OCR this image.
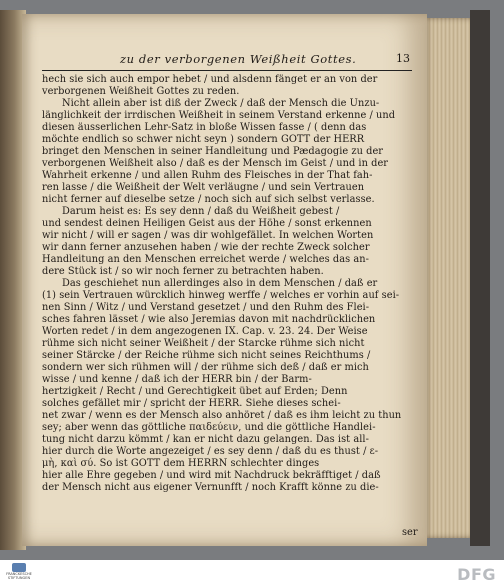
zu der verborgenen Weißheit Gottes.	13
hech sie sich auch empor hebet / und alsdenn fänget er an von der
verborgenen Weißheit Gottes zu reden.
Nicht allein aber ist diß der Zweck / daß der Mensch die Unzu-
länglichkeit der irrdischen Weißheit in seinem Verstand erkenne / und
diesen äusserlichen Lehr-Satz in bloße Wissen fasse / ( denn das
möchte endlich so schwer nicht seyn ) sondern GOTT der HERR
bringet den Menschen in seiner Handleitung und Pædagogie zu der
verborgenen Weißheit also / daß es der Mensch im Geist / und in der
Wahrheit erkenne / und allen Ruhm des Fleisches in der That fah-
ren lasse / die Weißheit der Welt verläugne / und sein Vertrauen
nicht ferner auf dieselbe setze / noch sich auf sich selbst verlasse.
Darum heist es: Es sey denn / daß du Weißheit gebest /
und sendest deinen Heiligen Geist aus der Höhe / sonst erkennen
wir nicht / will er sagen / was dir wohlgefället. In welchen Worten
wir dann ferner anzusehen haben / wie der rechte Zweck solcher
Handleitung an den Menschen erreichet werde / welches das an-
dere Stück ist / so wir noch ferner zu betrachten haben.
Das geschiehet nun allerdinges also in dem Menschen / daß er
(1) sein Vertrauen würcklich hinweg werffe / welches er vorhin auf sei-
nen Sinn / Witz / und Verstand gesetzet / und den Ruhm des Flei-
sches fahren lässet / wie also Jeremias davon mit nachdrücklichen
Worten redet / in dem angezogenen IX. Cap. v. 23. 24. Der Weise
rühme sich nicht seiner Weißheit / der Starcke rühme sich nicht
seiner Stärcke / der Reiche rühme sich nicht seines Reichthums /
sondern wer sich rühmen will / der rühme sich deß / daß er mich
wisse / und kenne / daß ich der HERR bin / der Barm-
hertzigkeit / Recht / und Gerechtigkeit übet auf Erden; Denn
solches gefället mir / spricht der HERR. Siehe dieses schei-
net zwar / wenn es der Mensch also anhöret / daß es ihm leicht zu thun
sey; aber wenn das göttliche παιδεύειν, und die göttliche Handlei-
tung nicht darzu kömmt / kan er nicht dazu gelangen. Das ist all-
hier durch die Worte angezeiget / es sey denn / daß du es thust / ε-
μὴ, καὶ σύ. So ist GOTT dem HERRN schlechter dinges
hier alle Ehre gegeben / und wird mit Nachdruck bekräfftiget / daß
der Mensch nicht aus eigener Vernunfft / noch Krafft könne zu die-
ser
FRANCKESCHE STIFTUNGEN	DFG
